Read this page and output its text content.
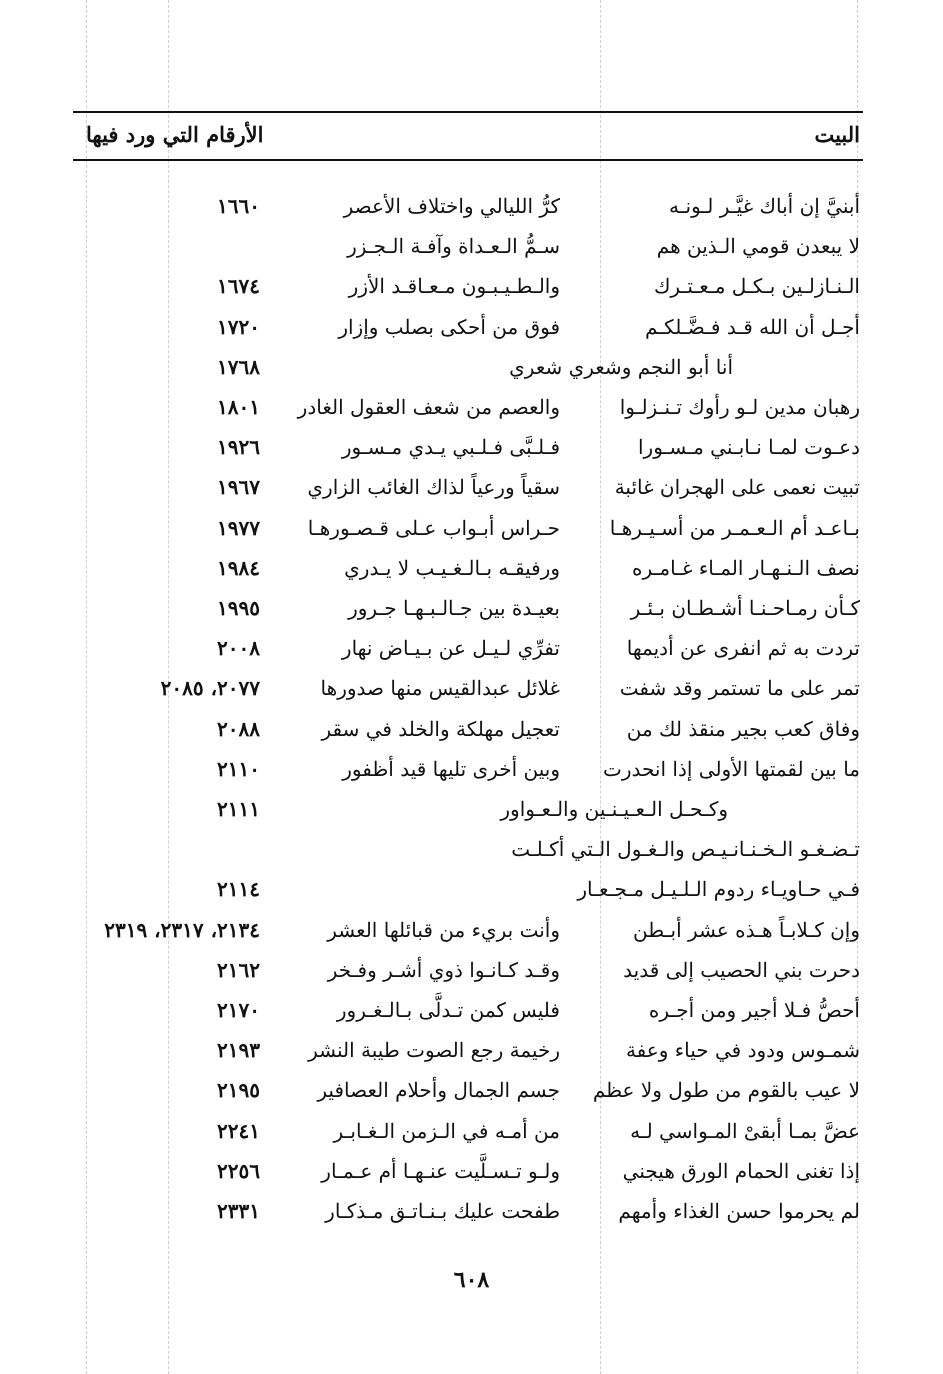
البيت
الأرقام التي ورد فيها
أبنيَّ إن أباك غيَّـر لـونـه
كرُّ الليالي واختلاف الأعصر
١٦٦٠
لا يبعدن قومي الـذين هم
سـمُّ الـعـداة وآفـة الـجـزر
الـنـازلـين بـكـل مـعـتـرك
والـطـيـبـون مـعـاقـد الأزر
١٦٧٤
أجـل أن الله قـد فـضَّـلكـم
فوق من أحكى بصلب وإزار
١٧٢٠
أنا أبو النجم وشعري شعري
١٧٦٨
رهبان مدين لـو رأوك تـنـزلـوا
والعصم من شعف العقول الغادر
١٨٠١
دعـوت لمـا نـابـني مـسـورا
فـلـبَّى فـلـبي يـدي مـسـور
١٩٢٦
تبيت نعمى على الهجران غائبة
سقياً ورعياً لذاك الغائب الزاري
١٩٦٧
بـاعـد أم الـعـمـر من أسـيـرهـا
حـراس أبـواب عـلى قـصـورهـا
١٩٧٧
نصف الـنـهـار المـاء غـامـره
ورفيقـه بـالـغـيـب لا يـدري
١٩٨٤
كـأن رمـاحـنـا أشـطـان بـئـر
بعيـدة بين جـالـبـهـا جـرور
١٩٩٥
تردت به ثم انفرى عن أديمها
تفرِّي لـيـل عن بـيـاض نهار
٢٠٠٨
تمر على ما تستمر وقد شفت
غلائل عبدالقيس منها صدورها
٢٠٧٧، ٢٠٨٥
وفاق كعب بجير منقذ لك من
تعجيل مهلكة والخلد في سقر
٢٠٨٨
ما بين لقمتها الأولى إذا انحدرت
وبين أخرى تليها قيد أظفور
٢١١٠
وكـحـل الـعـيـنـين والـعـواور
٢١١١
تـضـغـو الـخـنـانـيـص والـغـول الـتي أكـلـت
فـي حـاويـاء ردوم الـلـيـل مـجـعـار
٢١١٤
وإن كـلابـاً هـذه عشر أبـطن
وأنت بريء من قبائلها العشر
٢١٣٤، ٢٣١٧، ٢٣١٩
دحرت بني الحصيب إلى قديد
وقـد كـانـوا ذوي أشـر وفـخر
٢١٦٢
أحصُّ فـلا أجير ومن أجـره
فليس كمن تـدلَّى بـالـغـرور
٢١٧٠
شمـوس ودود في حياء وعفة
رخيمة رجع الصوت طيبة النشر
٢١٩٣
لا عيب بالقوم من طول ولا عظم
جسم الجمال وأحلام العصافير
٢١٩٥
عضَّ بمـا أبقىْ المـواسي لـه
من أمـه في الـزمن الـغـابـر
٢٢٤١
إذا تغنى الحمام الورق هيجني
ولـو تـسـلَّيت عنـهـا أم عـمـار
٢٢٥٦
لم يحرموا حسن الغذاء وأمهم
طفحت عليك بـنـاتـق مـذكـار
٢٣٣١
٦٠٨
